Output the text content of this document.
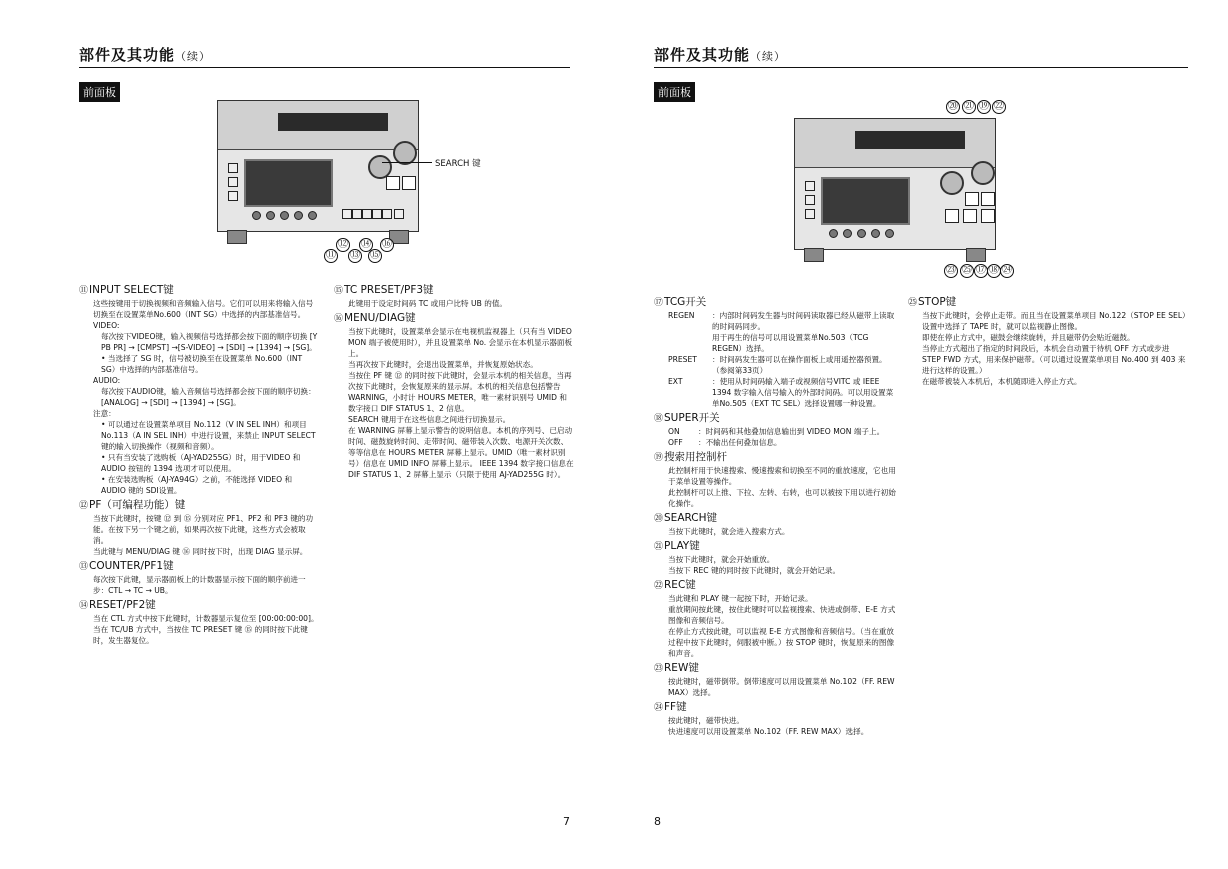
部件及其功能（续）
前面板
SEARCH 键
⑫ ⑭ ⑯
⑪ ⑬ ⑮
⑪INPUT SELECT键
这些按键用于切换视频和音频输入信号。它们可以用来将输入信号切换至在设置菜单No.600（INT SG）中选择的内部基准信号。
VIDEO:
每次按下VIDEO键，输入视频信号选择都会按下面的顺序切换 [Y PB PR] → [CMPST] →[S-VIDEO] → [SDI] → [1394] → [SG]。
• 当选择了 SG 时，信号被切换至在设置菜单 No.600（INT SG）中选择的内部基准信号。
AUDIO:
每次按下AUDIO键，输入音频信号选择都会按下面的顺序切换：[ANALOG] → [SDI] → [1394] → [SG]。
注意：
• 可以通过在设置菜单项目 No.112（V IN SEL INH）和项目 No.113（A IN SEL INH）中进行设置，来禁止 INPUT SELECT键的输入切换操作（视频和音频）。
• 只有当安装了选购板（AJ-YAD255G）时，用于VIDEO 和 AUDIO 按钮的 1394 选项才可以使用。
• 在安装选购板（AJ-YA94G）之前，不能选择 VIDEO 和 AUDIO 键的 SDI设置。
⑫PF（可编程功能）键
当按下此键时，按键 ⑫ 到 ⑮ 分别对应 PF1、PF2 和 PF3 键的功能。在按下另一个键之前，如果再次按下此键，这些方式会被取消。
当此键与 MENU/DIAG 键 ⑯ 同时按下时，出现 DIAG 显示屏。
⑬COUNTER/PF1键
每次按下此键，显示器面板上的计数器显示按下面的顺序前进一步：CTL → TC → UB。
⑭RESET/PF2键
当在 CTL 方式中按下此键时，计数器显示复位至 [00:00:00:00]。
当在 TC/UB 方式中，当按住 TC PRESET 键 ⑮ 的同时按下此键时，发生器复位。
⑮TC PRESET/PF3键
此键用于设定时间码 TC 或用户比特 UB 的值。
⑯MENU/DIAG键
当按下此键时，设置菜单会显示在电视机监视器上（只有当 VIDEO MON 端子被使用时），并且设置菜单 No. 会显示在本机显示器面板上。
当再次按下此键时，会退出设置菜单，并恢复原始状态。
当按住 PF 键 ⑫ 的同时按下此键时，会显示本机的相关信息，当再次按下此键时，会恢复原来的显示屏。本机的相关信息包括警告 WARNING，小时计 HOURS METER，唯一素材识别号 UMID 和数字接口 DIF STATUS 1、2 信息。
SEARCH 键用于在这些信息之间进行切换显示。
在 WARNING 屏幕上显示警告的说明信息。本机的序列号、已启动时间、磁鼓旋转时间、走带时间、磁带装入次数、电源开关次数、等等信息在 HOURS METER 屏幕上显示。UMID（唯一素材识别号）信息在 UMID INFO 屏幕上显示。 IEEE 1394 数字接口信息在 DIF STATUS 1、2 屏幕上显示（只限于使用 AJ-YAD255G 时）。
7
部件及其功能（续）
前面板
⑳ ㉑ ⑲ ㉒
㉓ ㉕ ⑰ ⑱ ㉔
⑰TCG开关
REGEN	：内部时间码发生器与时间码读取器已经从磁带上读取的时间码同步。
用于再生的信号可以用设置菜单No.503（TCG REGEN）选择。
PRESET	：时间码发生器可以在操作面板上或用遥控器预置。（参阅第33页）
EXT	：使用从时间码输入端子或视频信号VITC 或 IEEE 1394 数字输入信号输入的外部时间码。可以用设置菜单No.505（EXT TC SEL）选择设置哪一种设置。
⑱SUPER开关
ON	：时间码和其他叠加信息输出到 VIDEO MON 端子上。
OFF	：不输出任何叠加信息。
⑲搜索用控制杆
此控制杆用于快速搜索、慢速搜索和切换至不同的重放速度，它也用于菜单设置等操作。
此控制杆可以上推、下拉、左转、右转，也可以被按下用以进行初始化操作。
⑳SEARCH键
当按下此键时，就会进入搜索方式。
㉑PLAY键
当按下此键时，就会开始重放。
当按下 REC 键的同时按下此键时，就会开始记录。
㉒REC键
当此键和 PLAY 键一起按下时，开始记录。
重放期间按此键，按住此键时可以监视搜索、快进或倒带、E-E 方式图像和音频信号。
在停止方式按此键，可以监视 E-E 方式图像和音频信号。（当在重放过程中按下此键时，伺服被中断。）按 STOP 键时，恢复原来的图像和声音。
㉓REW键
按此键时，磁带倒带。倒带速度可以用设置菜单 No.102（FF. REW MAX）选择。
㉔FF键
按此键时，磁带快进。
快进速度可以用设置菜单 No.102（FF. REW MAX）选择。
㉕STOP键
当按下此键时，会停止走带。而且当在设置菜单项目 No.122（STOP EE SEL）设置中选择了 TAPE 时，就可以监视静止图像。
即使在停止方式中，磁鼓会继续旋转，并且磁带仍会贴近磁鼓。
当停止方式超出了指定的时间段后，本机会自动置于待机 OFF 方式或步进 STEP FWD 方式，用来保护磁带。（可以通过设置菜单项目 No.400 到 403 来进行这样的设置。）
在磁带被装入本机后，本机随即进入停止方式。
8
